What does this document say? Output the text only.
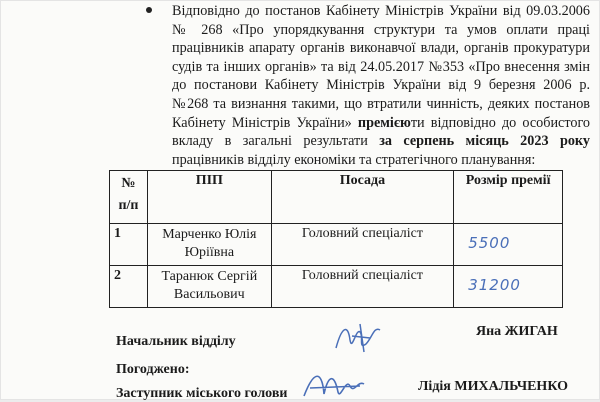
Відповідно до постанов Кабінету Міністрів України від 09.03.2006 № 268 «Про упорядкування структури та умов оплати праці працівників апарату органів виконавчої влади, органів прокуратури судів та інших органів» та від 24.05.2017 №353 «Про внесення змін до постанови Кабінету Міністрів України від 9 березня 2006 р. №268 та визнання такими, що втратили чинність, деяких постанов Кабінету Міністрів України» премієюти відповідно до особистого вкладу в загальні результати за серпень місяць 2023 року працівників відділу економіки та стратегічного планування:
№ п/п	ПІП	Посада	Розмір премії
1	Марченко Юлія Юріївна	Головний спеціаліст	5500

2	Таранюк Сергій Васильович	Головний спеціаліст	31200
Начальник відділу
Яна ЖИГАН
Погоджено:
Заступник міського голови	Лідія МИХАЛЬЧЕНКО
